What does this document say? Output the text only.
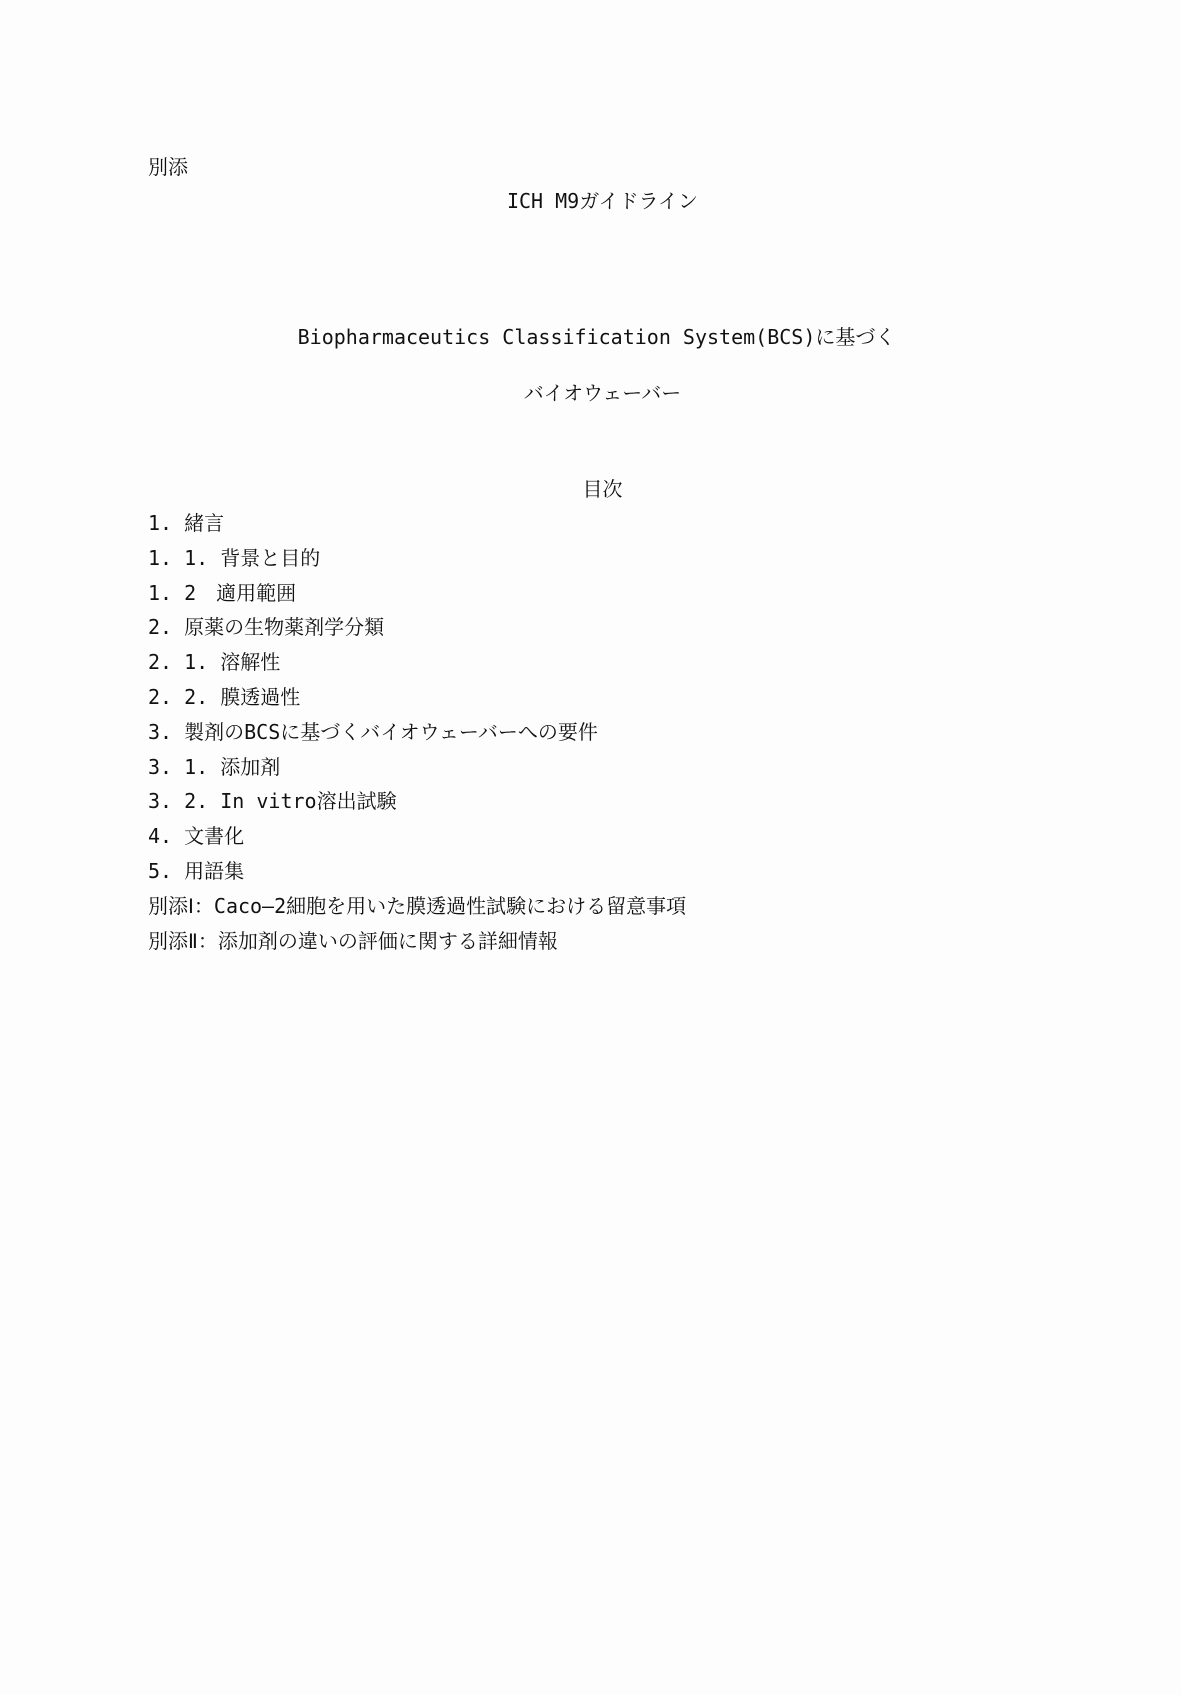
別添

ICH M9ガイドライン

Biopharmaceutics Classification System(BCS)に基づく

バイオウェーバー

目次

1. 緒言
1. 1. 背景と目的
1. 2　適用範囲
2. 原薬の生物薬剤学分類
2. 1. 溶解性
2. 2. 膜透過性
3. 製剤のBCSに基づくバイオウェーバーへの要件
3. 1. 添加剤
3. 2. In vitro溶出試験
4. 文書化
5. 用語集
別添Ⅰ：Caco—2細胞を用いた膜透過性試験における留意事項
別添Ⅱ：添加剤の違いの評価に関する詳細情報
